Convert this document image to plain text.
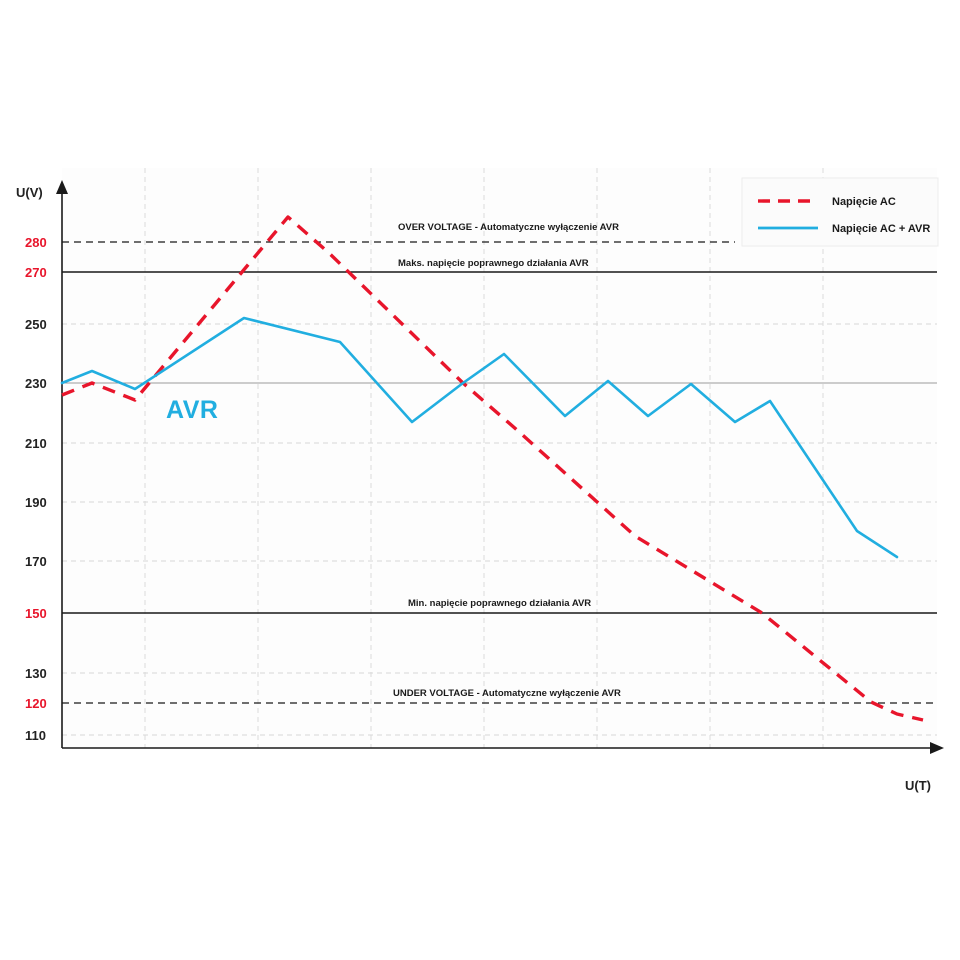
U(V)
U(T)
280
270
250
230
210
190
170
150
130
120
110
OVER VOLTAGE - Automatyczne wyłączenie AVR
Maks. napięcie poprawnego działania AVR
Min. napięcie poprawnego działania AVR
UNDER VOLTAGE - Automatyczne wyłączenie AVR
AVR
Napięcie AC
Napięcie AC + AVR
